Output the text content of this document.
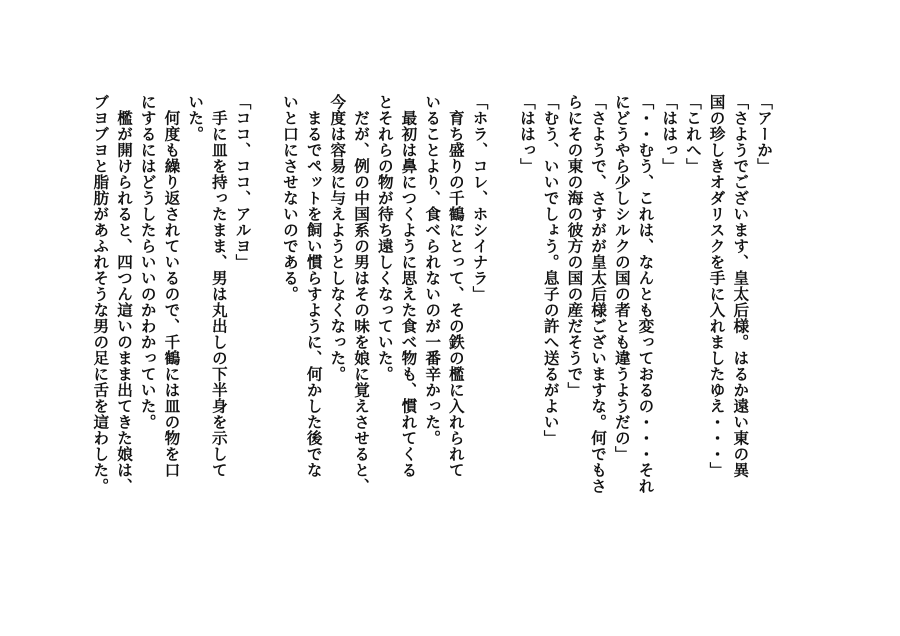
「アーか」
「さようでございます、皇太后様。はるか遠い東の異
国の珍しきオダリスクを手に入れましたゆえ・・・」
「これへ」
「ははっ」
「・・むう、これは、なんとも変っておるの・・・それ
にどうやら少しシルクの国の者とも違うようだの」
「さようで、さすがが皇太后様ございますな。何でもさ
らにその東の海の彼方の国の産だそうで」
「むう、いいでしょう。息子の許へ送るがよい」
「ははっ」

「ホラ、コレ、ホシイナラ」
　育ち盛りの千鶴にとって、その鉄の檻に入れられて
いることより、食べられないのが一番辛かった。
　最初は鼻につくように思えた食べ物も、慣れてくる
とそれらの物が待ち遠しくなっていた。
　だが、例の中国系の男はその味を娘に覚えさせると、
今度は容易に与えようとしなくなった。
　まるでペットを飼い慣らすように、何かした後でな
いと口にさせないのである。

「ココ、ココ、アルヨ」
　手に皿を持ったまま、男は丸出しの下半身を示して
いた。
　何度も繰り返されているので、千鶴には皿の物を口
にするにはどうしたらいいのかわかっていた。
　檻が開けられると、四つん這いのまま出てきた娘は、
ブヨブヨと脂肪があふれそうな男の足に舌を這わした。
